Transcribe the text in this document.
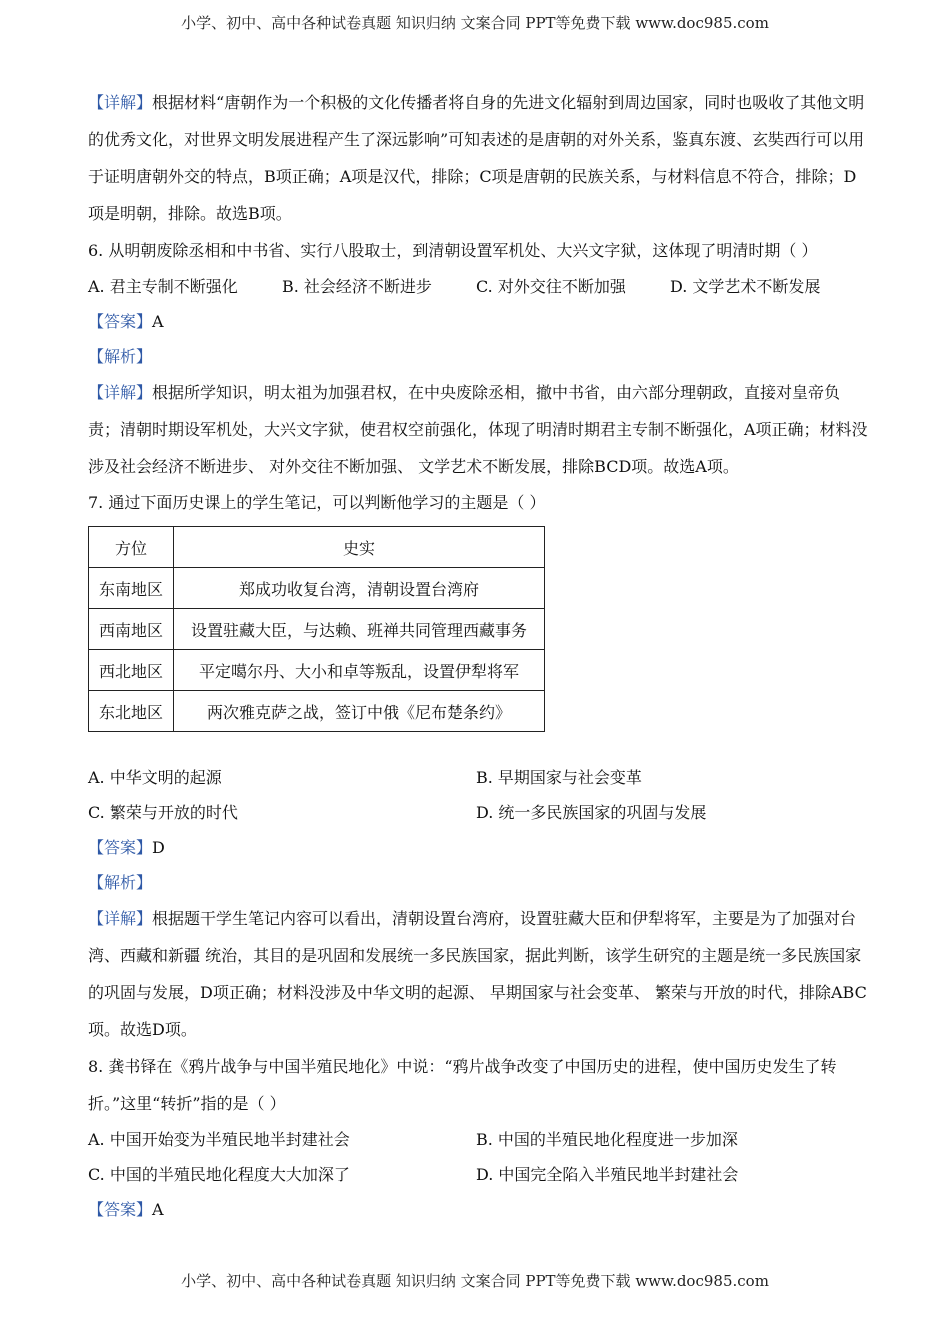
小学、初中、高中各种试卷真题 知识归纳 文案合同 PPT等免费下载 www.doc985.com

【详解】根据材料“唐朝作为一个积极的文化传播者将自身的先进文化辐射到周边国家，同时也吸收了其他文明的优秀文化，对世界文明发展进程产生了深远影响”可知表述的是唐朝的对外关系，鉴真东渡、玄奘西行可以用于证明唐朝外交的特点，B项正确；A项是汉代，排除；C项是唐朝的民族关系，与材料信息不符合，排除；D项是明朝，排除。故选B项。

6. 从明朝废除丞相和中书省、实行八股取士，到清朝设置军机处、大兴文字狱，这体现了明清时期（ ）

A. 君主专制不断强化	B. 社会经济不断进步	C. 对外交往不断加强	D. 文学艺术不断发展
【答案】A
【解析】

【详解】根据所学知识，明太祖为加强君权，在中央废除丞相，撤中书省，由六部分理朝政，直接对皇帝负责；清朝时期设军机处，大兴文字狱，使君权空前强化，体现了明清时期君主专制不断强化，A项正确；材料没涉及社会经济不断进步、 对外交往不断加强、 文学艺术不断发展，排除BCD项。故选A项。

7. 通过下面历史课上的学生笔记，可以判断他学习的主题是（ ）
方位	史实
东南地区	郑成功收复台湾，清朝设置台湾府
西南地区	设置驻藏大臣，与达赖、班禅共同管理西藏事务
西北地区	平定噶尔丹、大小和卓等叛乱，设置伊犁将军
东北地区	两次雅克萨之战，签订中俄《尼布楚条约》
A. 中华文明的起源	B. 早期国家与社会变革
C. 繁荣与开放的时代	D. 统一多民族国家的巩固与发展
【答案】D
【解析】

【详解】根据题干学生笔记内容可以看出，清朝设置台湾府，设置驻藏大臣和伊犁将军，主要是为了加强对台湾、西藏和新疆 统治，其目的是巩固和发展统一多民族国家，据此判断，该学生研究的主题是统一多民族国家的巩固与发展，D项正确；材料没涉及中华文明的起源、 早期国家与社会变革、 繁荣与开放的时代，排除ABC项。故选D项。

8. 龚书铎在《鸦片战争与中国半殖民地化》中说：“鸦片战争改变了中国历史的进程，使中国历史发生了转折。”这里“转折”指的是（ ）

A. 中国开始变为半殖民地半封建社会	B. 中国的半殖民地化程度进一步加深
C. 中国的半殖民地化程度大大加深了	D. 中国完全陷入半殖民地半封建社会
【答案】A
小学、初中、高中各种试卷真题 知识归纳 文案合同 PPT等免费下载 www.doc985.com
